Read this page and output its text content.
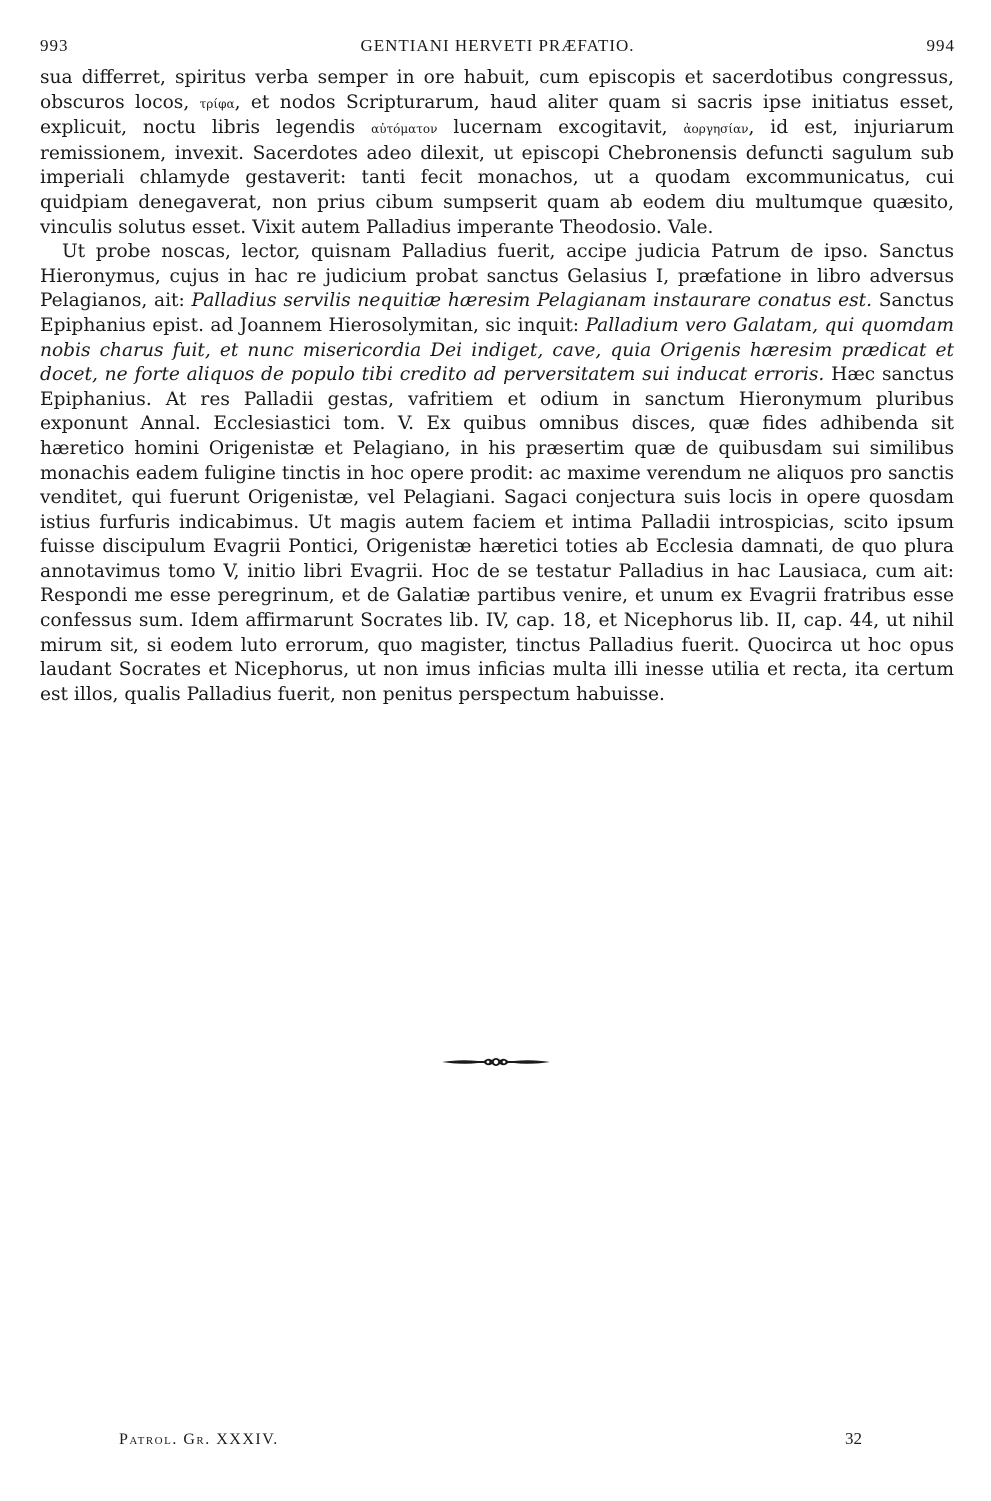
993	GENTIANI HERVETI PRÆFATIO.	994

sua differret, spiritus verba semper in ore habuit, cum episcopis et sacerdotibus congressus, obscuros locos, τρίφα, et nodos Scripturarum, haud aliter quam si sacris ipse initiatus esset, explicuit, noctu libris legendis αὐτόματον lucernam excogitavit, ἀοργησίαν, id est, injuriarum remissionem, invexit. Sacerdotes adeo dilexit, ut episcopi Chebronensis defuncti sagulum sub imperiali chlamyde gestaverit: tanti fecit monachos, ut a quodam excommunicatus, cui quidpiam denegaverat, non prius cibum sumpserit quam ab eodem diu multumque quæsito, vinculis solutus esset. Vixit autem Palladius imperante Theodosio. Vale.

Ut probe noscas, lector, quisnam Palladius fuerit, accipe judicia Patrum de ipso. Sanctus Hieronymus, cujus in hac re judicium probat sanctus Gelasius I, præfatione in libro adversus Pelagianos, ait: Palladius servilis nequitiæ hæresim Pelagianam instaurare conatus est. Sanctus Epiphanius epist. ad Joannem Hierosolymitan, sic inquit: Palladium vero Galatam, qui quomdam nobis charus fuit, et nunc misericordia Dei indiget, cave, quia Origenis hæresim prædicat et docet, ne forte aliquos de populo tibi credito ad perversitatem sui inducat erroris. Hæc sanctus Epiphanius. At res Palladii gestas, vafritiem et odium in sanctum Hieronymum pluribus exponunt Annal. Ecclesiastici tom. V. Ex quibus omnibus disces, quæ fides adhibenda sit hæretico homini Origenistæ et Pelagiano, in his præsertim quæ de quibusdam sui similibus monachis eadem fuligine tinctis in hoc opere prodit: ac maxime verendum ne aliquos pro sanctis venditet, qui fuerunt Origenistæ, vel Pelagiani. Sagaci conjectura suis locis in opere quosdam istius furfuris indicabimus. Ut magis autem faciem et intima Palladii introspicias, scito ipsum fuisse discipulum Evagrii Pontici, Origenistæ hæretici toties ab Ecclesia damnati, de quo plura annotavimus tomo V, initio libri Evagrii. Hoc de se testatur Palladius in hac Lausiaca, cum ait: Respondi me esse peregrinum, et de Galatiæ partibus venire, et unum ex Evagrii fratribus esse confessus sum. Idem affirmarunt Socrates lib. IV, cap. 18, et Nicephorus lib. II, cap. 44, ut nihil mirum sit, si eodem luto errorum, quo magister, tinctus Palladius fuerit. Quocirca ut hoc opus laudant Socrates et Nicephorus, ut non imus inficias multa illi inesse utilia et recta, ita certum est illos, qualis Palladius fuerit, non penitus perspectum habuisse.

Patrol. Gr. XXXIV.	32
